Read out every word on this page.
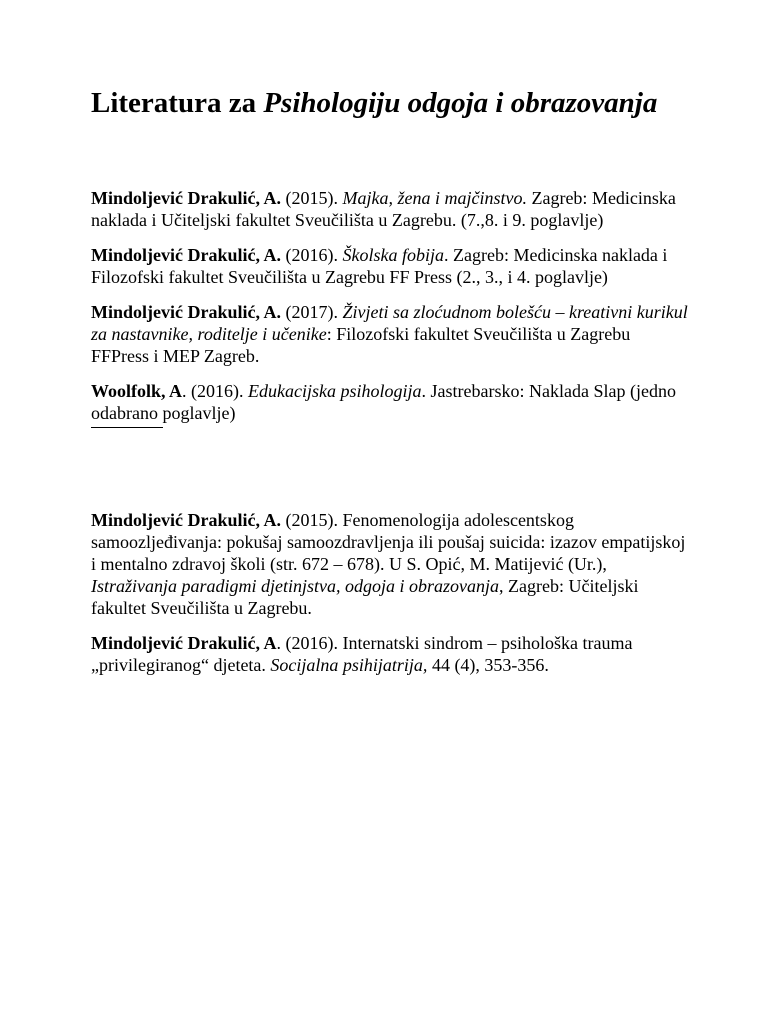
Literatura za Psihologiju odgoja i obrazovanja

Mindoljević Drakulić, A. (2015). Majka, žena i majčinstvo. Zagreb: Medicinska naklada i Učiteljski fakultet Sveučilišta u Zagrebu. (7.,8. i 9. poglavlje)

Mindoljević Drakulić, A. (2016). Školska fobija. Zagreb: Medicinska naklada i Filozofski fakultet Sveučilišta u Zagrebu FF Press (2., 3., i 4. poglavlje)

Mindoljević Drakulić, A. (2017). Živjeti sa zloćudnom bolešću – kreativni kurikul za nastavnike, roditelje i učenike: Filozofski fakultet Sveučilišta u Zagrebu FFPress i MEP Zagreb.

Woolfolk, A. (2016). Edukacijska psihologija. Jastrebarsko: Naklada Slap (jedno odabrano poglavlje)

Mindoljević Drakulić, A. (2015). Fenomenologija adolescentskog samoozljeđivanja: pokušaj samoozdravljenja ili poušaj suicida: izazov empatijskoj i mentalno zdravoj školi (str. 672 – 678). U S. Opić, M. Matijević (Ur.), Istraživanja paradigmi djetinjstva, odgoja i obrazovanja, Zagreb: Učiteljski fakultet Sveučilišta u Zagrebu.

Mindoljević Drakulić, A. (2016). Internatski sindrom – psihološka trauma „privilegiranog“ djeteta. Socijalna psihijatrija, 44 (4), 353-356.
